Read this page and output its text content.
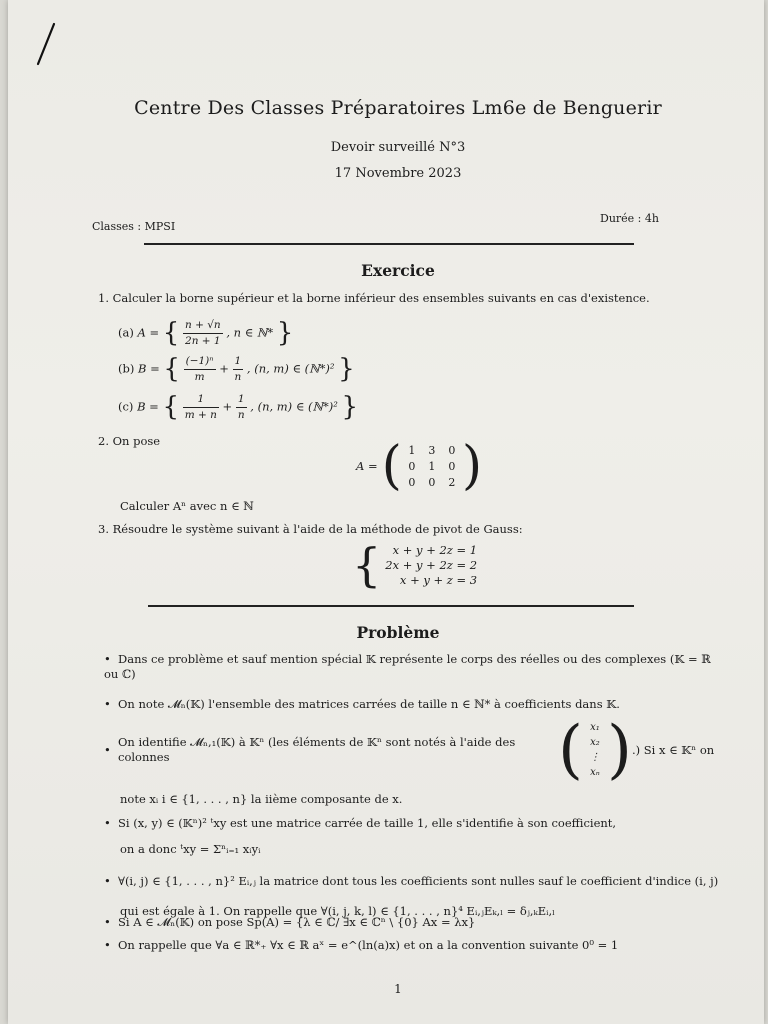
Centre Des Classes Préparatoires Lm6e de Benguerir
Devoir surveillé N°3
17 Novembre 2023
Durée : 4h
Classes : MPSI
Exercice
1. Calculer la borne supérieur et la borne inférieur des ensembles suivants en cas d'existence.
(a) A = { $\frac{n + √n}{2n + 1}$ , n ∈ ℕ* }
(b) B = { $\frac{\text{(−1)ⁿ}}{m} + \frac{1}{n}$ , (n, m) ∈ (ℕ*)² }
(c) B = { $\frac{1}{m + n} + \frac{1}{n}$ , (n, m) ∈ (ℕ*)² }
2. On pose
A = ( 1	3	0
0	1	0
0	0	2 )
Calculer Aⁿ avec n ∈ ℕ
3. Résoudre le système suivant à l'aide de la méthode de pivot de Gauss:
{ x + y + 2z = 1
2x + y + 2z = 2
x + y + z = 3
Problème
• Dans ce problème et sauf mention spécial 𝕂 représente le corps des réelles ou des complexes (𝕂 = ℝ ou ℂ)
• On note 𝓜ₙ(𝕂) l'ensemble des matrices carrées de taille n ∈ ℕ* à coefficients dans 𝕂.
•
On identifie 𝓜ₙ,₁(𝕂) à 𝕂ⁿ (les éléments de 𝕂ⁿ sont notés à l'aide des colonnes	( x₁
x₂
⋮
xₙ ) .) Si x ∈ 𝕂ⁿ on
note xᵢ i ∈ {1, . . . , n} la iième composante de x.
• Si (x, y) ∈ (𝕂ⁿ)² ᵗxy est une matrice carrée de taille 1, elle s'identifie à son coefficient,
on a donc ᵗxy = Σⁿᵢ₌₁ xᵢyᵢ
• ∀(i, j) ∈ {1, . . . , n}² Eᵢ,ⱼ la matrice dont tous les coefficients sont nulles sauf le coefficient d'indice (i, j)
qui est égale à 1. On rappelle que ∀(i, j, k, l) ∈ {1, . . . , n}⁴ Eᵢ,ⱼEₖ,ₗ = δⱼ,ₖEᵢ,ₗ
• Si A ∈ 𝓜ₙ(𝕂) on pose Sp(A) = {λ ∈ ℂ/ ∃x ∈ ℂⁿ \ {0} Ax = λx}
• On rappelle que ∀a ∈ ℝ*₊ ∀x ∈ ℝ aˣ = e^(ln(a)x) et on a la convention suivante 0⁰ = 1
1
